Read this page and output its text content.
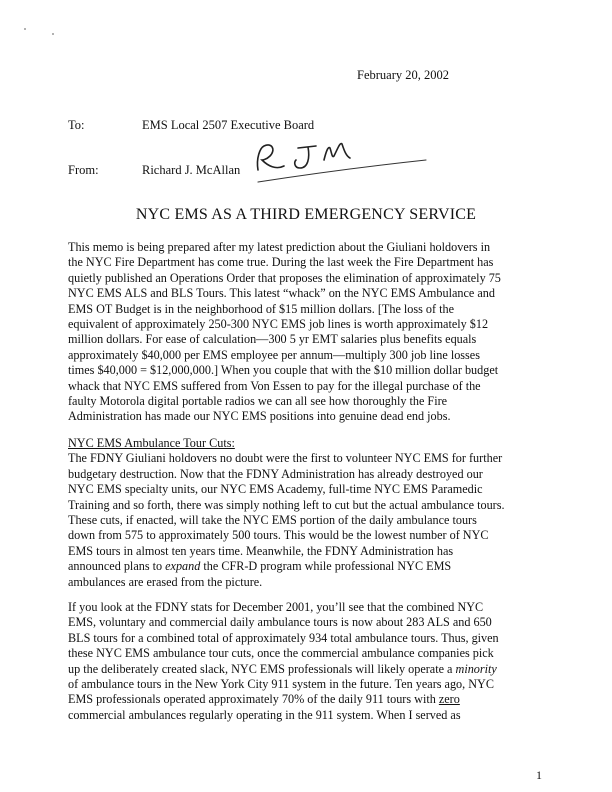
February 20, 2002
To:	EMS Local 2507 Executive Board
From:	Richard J. McAllan
NYC EMS AS A THIRD EMERGENCY SERVICE
This memo is being prepared after my latest prediction about the Giuliani holdovers in
the NYC Fire Department has come true. During the last week the Fire Department has
quietly published an Operations Order that proposes the elimination of approximately 75
NYC EMS ALS and BLS Tours. This latest “whack” on the NYC EMS Ambulance and
EMS OT Budget is in the neighborhood of $15 million dollars. [The loss of the
equivalent of approximately 250-300 NYC EMS job lines is worth approximately $12
million dollars. For ease of calculation—300 5 yr EMT salaries plus benefits equals
approximately $40,000 per EMS employee per annum—multiply 300 job line losses
times $40,000 = $12,000,000.] When you couple that with the $10 million dollar budget
whack that NYC EMS suffered from Von Essen to pay for the illegal purchase of the
faulty Motorola digital portable radios we can all see how thoroughly the Fire
Administration has made our NYC EMS positions into genuine dead end jobs.
NYC EMS Ambulance Tour Cuts:
The FDNY Giuliani holdovers no doubt were the first to volunteer NYC EMS for further
budgetary destruction. Now that the FDNY Administration has already destroyed our
NYC EMS specialty units, our NYC EMS Academy, full-time NYC EMS Paramedic
Training and so forth, there was simply nothing left to cut but the actual ambulance tours.
These cuts, if enacted, will take the NYC EMS portion of the daily ambulance tours
down from 575 to approximately 500 tours. This would be the lowest number of NYC
EMS tours in almost ten years time. Meanwhile, the FDNY Administration has
announced plans to expand the CFR-D program while professional NYC EMS
ambulances are erased from the picture.
If you look at the FDNY stats for December 2001, you’ll see that the combined NYC
EMS, voluntary and commercial daily ambulance tours is now about 283 ALS and 650
BLS tours for a combined total of approximately 934 total ambulance tours. Thus, given
these NYC EMS ambulance tour cuts, once the commercial ambulance companies pick
up the deliberately created slack, NYC EMS professionals will likely operate a minority
of ambulance tours in the New York City 911 system in the future. Ten years ago, NYC
EMS professionals operated approximately 70% of the daily 911 tours with zero
commercial ambulances regularly operating in the 911 system. When I served as
1
